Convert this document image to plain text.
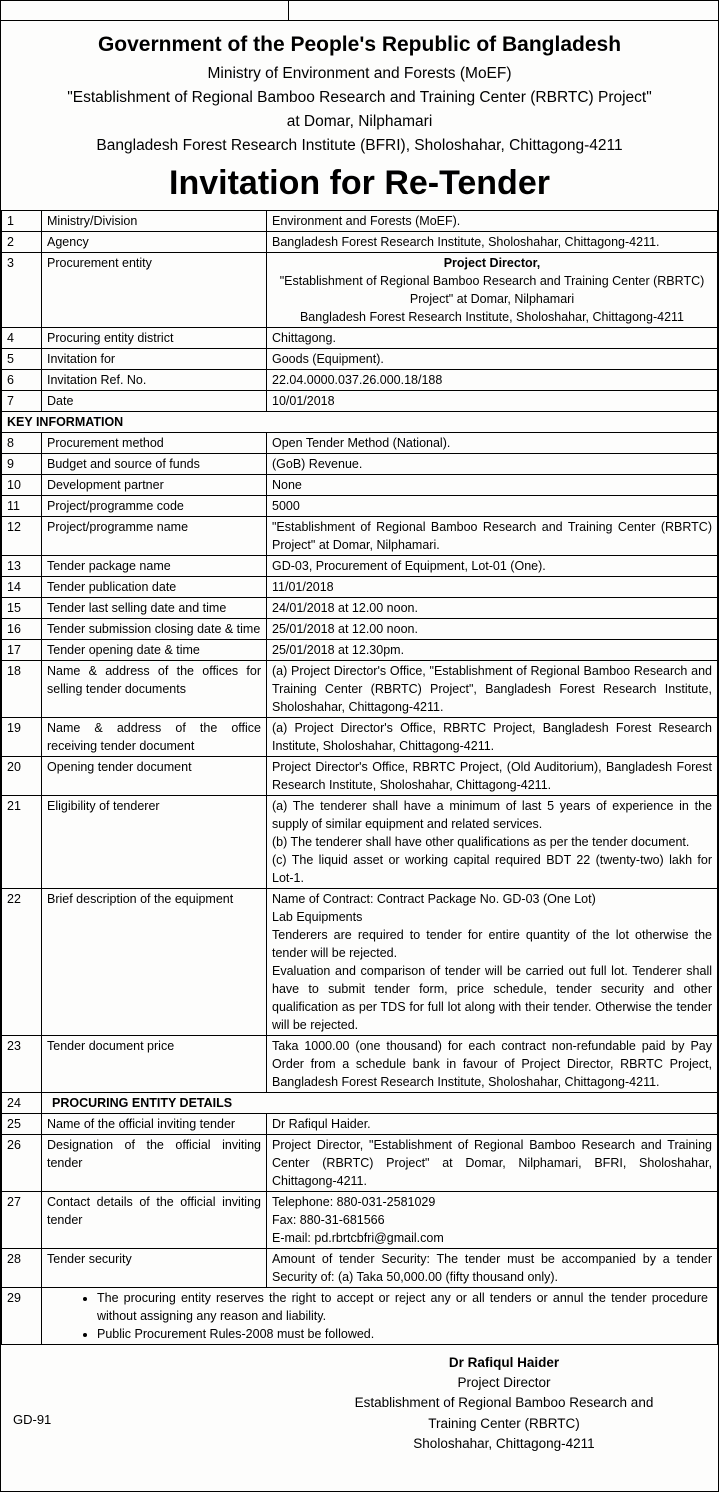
Government of the People's Republic of Bangladesh
Ministry of Environment and Forests (MoEF)
"Establishment of Regional Bamboo Research and Training Center (RBRTC) Project"
at Domar, Nilphamari
Bangladesh Forest Research Institute (BFRI), Sholoshahar, Chittagong-4211
Invitation for Re-Tender
1	Ministry/Division	Environment and Forests (MoEF).

2	Agency	Bangladesh Forest Research Institute, Sholoshahar, Chittagong-4211.

3	Procurement entity	Project Director,
"Establishment of Regional Bamboo Research and Training Center (RBRTC) Project" at Domar, Nilphamari
Bangladesh Forest Research Institute, Sholoshahar, Chittagong-4211

4	Procuring entity district	Chittagong.

5	Invitation for	Goods (Equipment).

6	Invitation Ref. No.	22.04.0000.037.26.000.18/188

7	Date	10/01/2018

KEY INFORMATION		
8	Procurement method	Open Tender Method (National).

9	Budget and source of funds	(GoB) Revenue.

10	Development partner	None

11	Project/programme code	5000

12	Project/programme name	"Establishment of Regional Bamboo Research and Training Center (RBRTC) Project" at Domar, Nilphamari.

13	Tender package name	GD-03, Procurement of Equipment, Lot-01 (One).

14	Tender publication date	11/01/2018

15	Tender last selling date and time	24/01/2018 at 12.00 noon.

16	Tender submission closing date & time	25/01/2018 at 12.00 noon.

17	Tender opening date & time	25/01/2018 at 12.30pm.

18	Name & address of the offices for selling tender documents	(a) Project Director's Office, "Establishment of Regional Bamboo Research and Training Center (RBRTC) Project", Bangladesh Forest Research Institute, Sholoshahar, Chittagong-4211.

19	Name & address of the office receiving tender document	(a) Project Director's Office, RBRTC Project, Bangladesh Forest Research Institute, Sholoshahar, Chittagong-4211.

20	Opening tender document	Project Director's Office, RBRTC Project, (Old Auditorium), Bangladesh Forest Research Institute, Sholoshahar, Chittagong-4211.

21	Eligibility of tenderer	(a) The tenderer shall have a minimum of last 5 years of experience in the supply of similar equipment and related services.
(b) The tenderer shall have other qualifications as per the tender document.
(c) The liquid asset or working capital required BDT 22 (twenty-two) lakh for Lot-1.

22	Brief description of the equipment	Name of Contract: Contract Package No. GD-03 (One Lot)
Lab Equipments
Tenderers are required to tender for entire quantity of the lot otherwise the tender will be rejected.
Evaluation and comparison of tender will be carried out full lot. Tenderer shall have to submit tender form, price schedule, tender security and other qualification as per TDS for full lot along with their tender. Otherwise the tender will be rejected.

23	Tender document price	Taka 1000.00 (one thousand) for each contract non-refundable paid by Pay Order from a schedule bank in favour of Project Director, RBRTC Project, Bangladesh Forest Research Institute, Sholoshahar, Chittagong-4211.

24	PROCURING ENTITY DETAILS	
25	Name of the official inviting tender	Dr Rafiqul Haider.

26	Designation of the official inviting tender	Project Director, "Establishment of Regional Bamboo Research and Training Center (RBRTC) Project" at Domar, Nilphamari, BFRI, Sholoshahar, Chittagong-4211.

27	Contact details of the official inviting tender	Telephone: 880-031-2581029
Fax: 880-31-681566
E-mail: pd.rbrtcbfri@gmail.com

28	Tender security	Amount of tender Security: The tender must be accompanied by a tender Security of: (a) Taka 50,000.00 (fifty thousand only).

29	
•The procuring entity reserves the right to accept or reject any or all tenders or annul the tender procedure without assigning any reason and liability.
• Public Procurement Rules-2008 must be followed.
Dr Rafiqul Haider
Project Director
Establishment of Regional Bamboo Research and
Training Center (RBRTC)
Sholoshahar, Chittagong-4211
GD-91
